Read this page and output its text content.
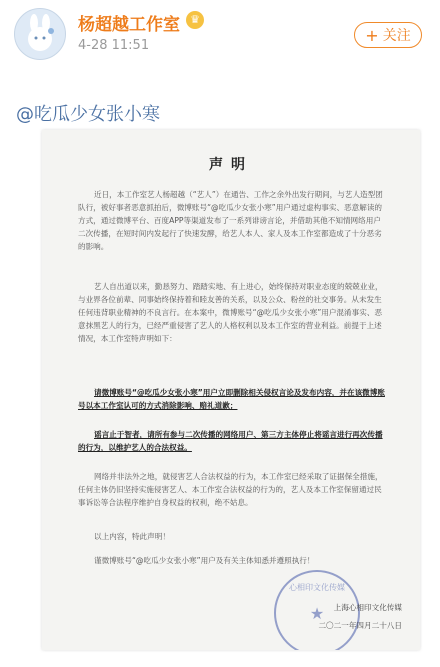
杨超越工作室 ♛
4-28 11:51
+ 关注
@吃瓜少女张小寒
声明
近日，本工作室艺人杨超越（“艺人”）在通告、工作之余外出发行期间，与艺人造型团队行，被好事者恶意抓拍后，微博账号“@吃瓜少女张小寒”用户通过虚构事实、恶意解读的方式，通过微博平台、百度APP等渠道发布了一系列诽谤言论，并借助其他不知情网络用户二次传播，在短时间内发起行了快速发酵，给艺人本人、家人及本工作室都造成了十分恶劣的影响。
艺人自出道以来，勤恳努力、踏踏实地、有上进心，始终保持对职业态度的兢兢业业，与业界各位前辈、同事始终保持着和睦友善的关系，以及公众、粉丝的社交事务。从未发生任何违背职业精神的不良言行。在本案中，微博账号“@吃瓜少女张小寒”用户混淆事实、恶意抹黑艺人的行为，已经严重侵害了艺人的人格权利以及本工作室的营业利益。前提于上述情况，本工作室特声明如下：
请微博账号“@吃瓜少女张小寒”用户立即删除相关侵权言论及发布内容，并在该微博账号以本工作室认可的方式消除影响、赔礼道歉；
谣言止于智者，请所有参与二次传播的网络用户、第三方主体停止将谣言进行再次传播的行为，以维护艺人的合法权益。
网络并非法外之地，就侵害艺人合法权益的行为，本工作室已经采取了证据保全措施，任何主体仍旧坚持实施侵害艺人、本工作室合法权益的行为的，艺人及本工作室保留通过民事诉讼等合法程序维护自身权益的权利，绝不姑息。
以上内容，特此声明！
谨微博账号“@吃瓜少女张小寒”用户及有关主体知悉并遵照执行！
心相印文化传媒
★	上海心相印文化传媒
二〇二一年四月二十八日
